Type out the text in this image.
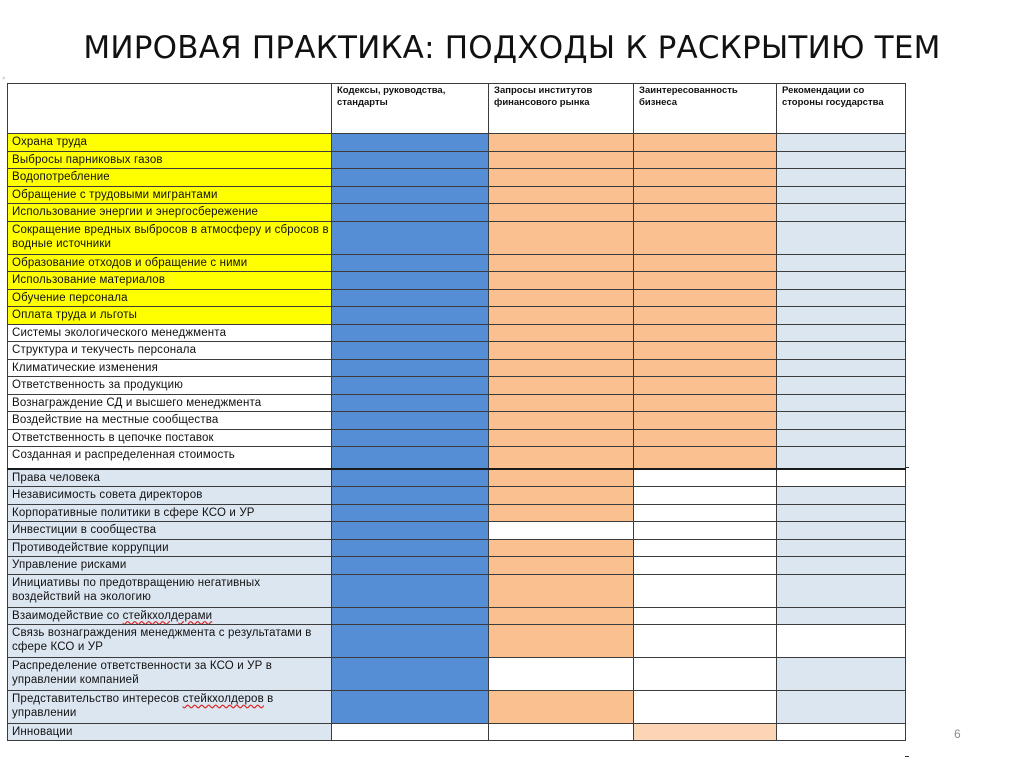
МИРОВАЯ ПРАКТИКА: ПОДХОДЫ К РАСКРЫТИЮ ТЕМ
⁴
	Кодексы, руководства, стандарты	Запросы институтов финансового рынка	Заинтересованность бизнеса	Рекомендации со стороны государства
Охрана труда				
Выбросы парниковых газов				
Водопотребление				
Обращение с трудовыми мигрантами				
Использование энергии и энергосбережение				
Сокращение вредных выбросов в атмосферу и сбросов в водные источники				
Образование отходов и обращение с ними				
Использование материалов				
Обучение персонала				
Оплата труда и льготы				
Системы экологического менеджмента				
Структура и текучесть персонала				
Климатические изменения				
Ответственность за продукцию				
Вознаграждение СД и высшего менеджмента				
Воздействие на местные сообщества				
Ответственность в цепочке поставок				
Созданная и распределенная стоимость				
Права человека				
Независимость совета директоров				
Корпоративные политики в сфере КСО и УР				
Инвестиции в сообщества				
Противодействие коррупции				
Управление рисками				
Инициативы по предотвращению негативных воздействий на экологию				
Взаимодействие со стейкхолдерами				
Связь вознаграждения менеджмента с результатами в сфере КСО и УР				
Распределение ответственности за КСО и УР в управлении компанией				
Представительство интересов стейкхолдеров в управлении				
Инновации					6
